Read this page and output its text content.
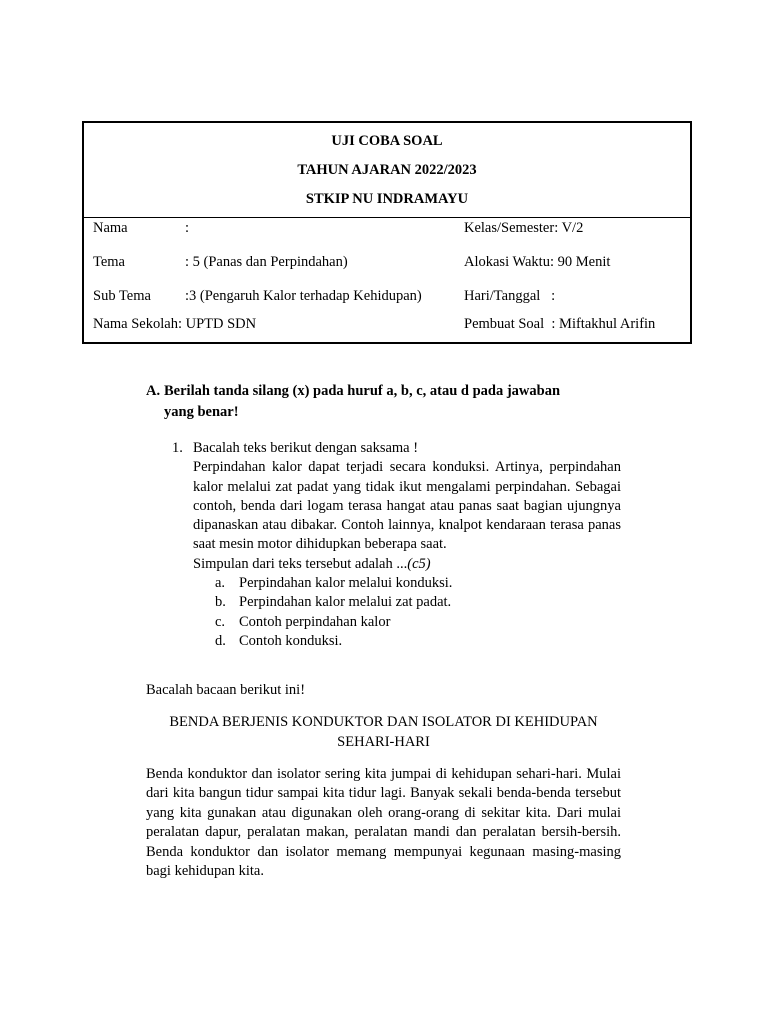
UJI COBA SOAL
TAHUN AJARAN 2022/2023
STKIP NU INDRAMAYU
Nama	:	Kelas/Semester: V/2
Tema	: 5 (Panas dan Perpindahan)	Alokasi Waktu: 90 Menit
Sub Tema :3 (Pengaruh Kalor terhadap Kehidupan)	Hari/Tanggal   :
Nama Sekolah: UPTD SDN	Pembuat Soal  : Miftakhul Arifin
A. Berilah tanda silang (x) pada huruf a, b, c, atau d pada jawaban
yang benar!
1. Bacalah teks berikut dengan saksama !
Perpindahan kalor dapat terjadi secara konduksi. Artinya, perpindahan kalor melalui zat padat yang tidak ikut mengalami perpindahan. Sebagai contoh, benda dari logam terasa hangat atau panas saat bagian ujungnya dipanaskan atau dibakar. Contoh lainnya, knalpot kendaraan terasa panas saat mesin motor dihidupkan beberapa saat.
Simpulan dari teks tersebut adalah ...(c5)
a. Perpindahan kalor melalui konduksi.
b. Perpindahan kalor melalui zat padat.
c. Contoh perpindahan kalor
d. Contoh konduksi.
Bacalah bacaan berikut ini!
BENDA BERJENIS KONDUKTOR DAN ISOLATOR DI KEHIDUPAN SEHARI-HARI
Benda konduktor dan isolator sering kita jumpai di kehidupan sehari-hari. Mulai dari kita bangun tidur sampai kita tidur lagi. Banyak sekali benda-benda tersebut yang kita gunakan atau digunakan oleh orang-orang di sekitar kita. Dari mulai peralatan dapur, peralatan makan, peralatan mandi dan peralatan bersih-bersih. Benda konduktor dan isolator memang mempunyai kegunaan masing-masing bagi kehidupan kita.
